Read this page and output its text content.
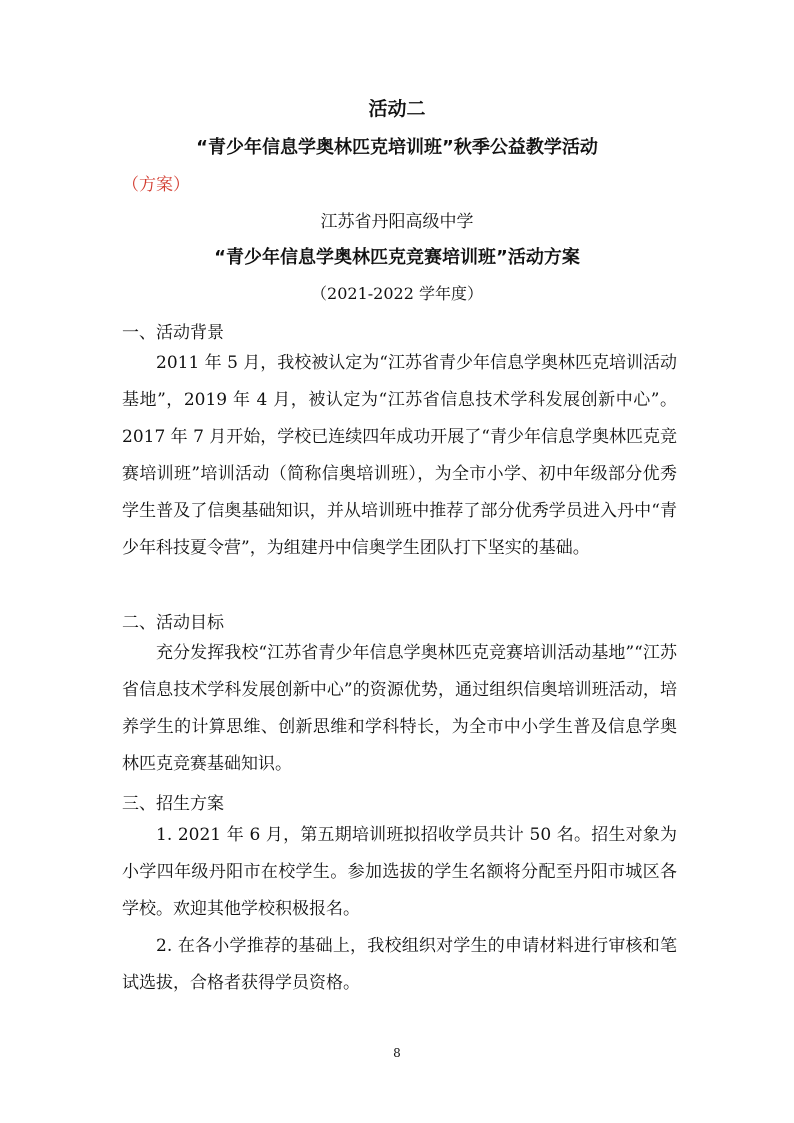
活动二
“青少年信息学奥林匹克培训班”秋季公益教学活动
（方案）
江苏省丹阳高级中学
“青少年信息学奥林匹克竞赛培训班”活动方案
（2021-2022 学年度）
一、活动背景

2011 年 5 月，我校被认定为“江苏省青少年信息学奥林匹克培训活动基地”，2019 年 4 月，被认定为“江苏省信息技术学科发展创新中心”。2017 年 7 月开始，学校已连续四年成功开展了“青少年信息学奥林匹克竞赛培训班”培训活动（简称信奥培训班），为全市小学、初中年级部分优秀学生普及了信奥基础知识，并从培训班中推荐了部分优秀学员进入丹中“青少年科技夏令营”，为组建丹中信奥学生团队打下坚实的基础。

二、活动目标

充分发挥我校“江苏省青少年信息学奥林匹克竞赛培训活动基地”“江苏省信息技术学科发展创新中心”的资源优势，通过组织信奥培训班活动，培养学生的计算思维、创新思维和学科特长，为全市中小学生普及信息学奥林匹克竞赛基础知识。

三、招生方案

1. 2021 年 6 月，第五期培训班拟招收学员共计 50 名。招生对象为小学四年级丹阳市在校学生。参加选拔的学生名额将分配至丹阳市城区各学校。欢迎其他学校积极报名。

2. 在各小学推荐的基础上，我校组织对学生的申请材料进行审核和笔试选拔，合格者获得学员资格。

8
